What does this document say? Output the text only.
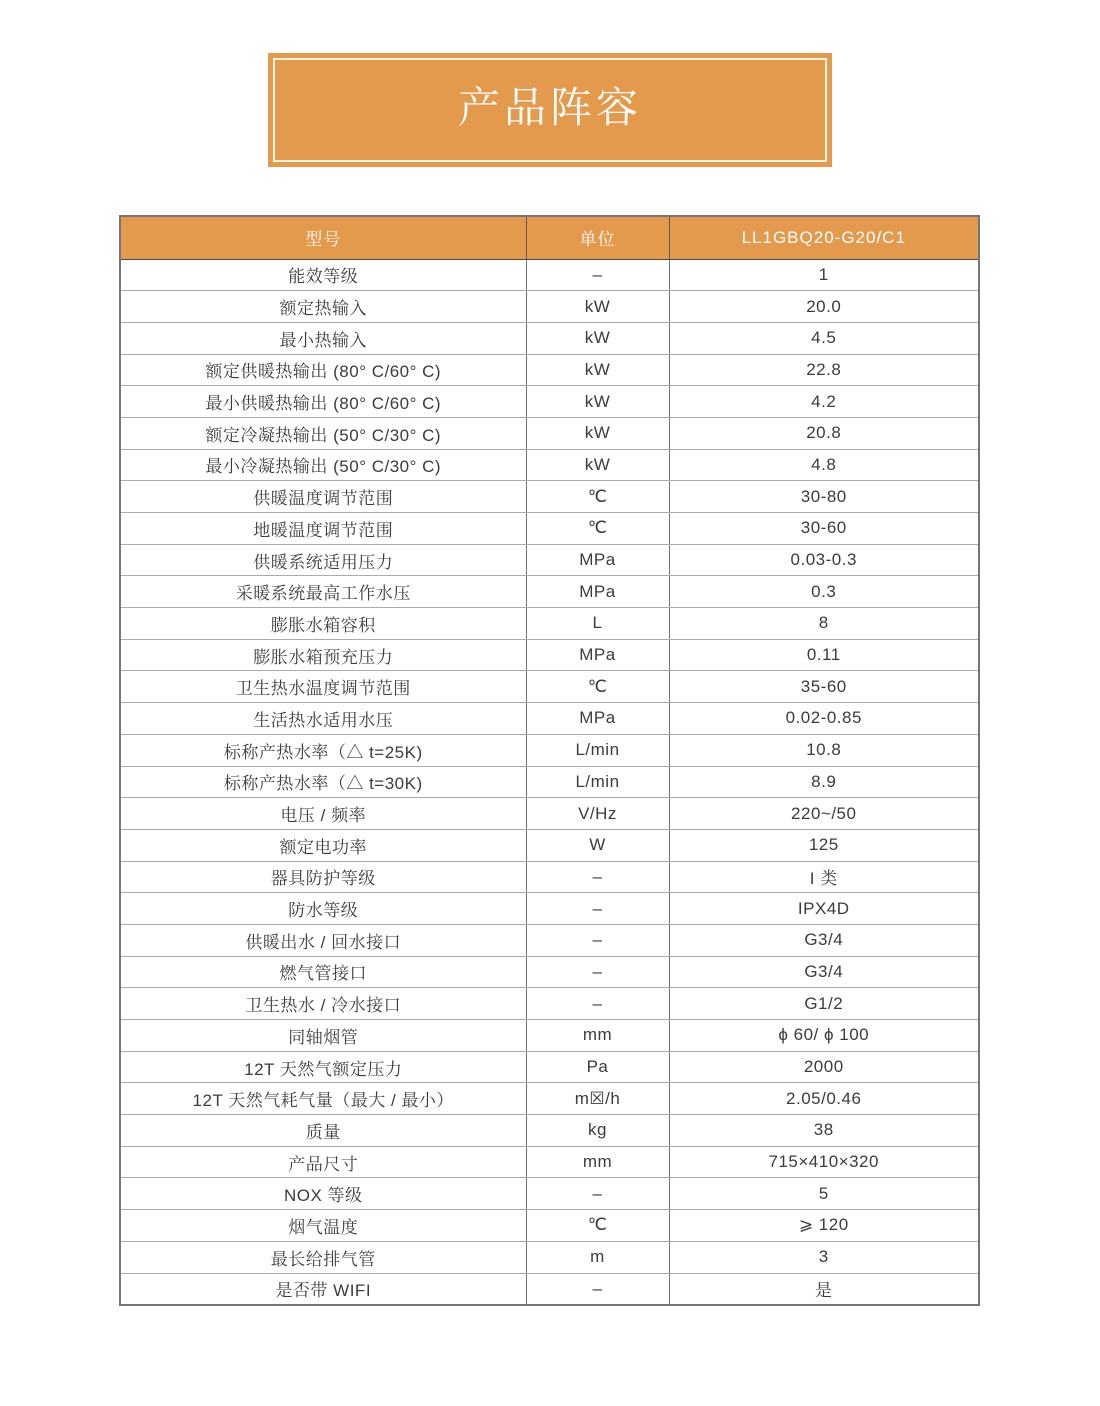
产品阵容
型号	单位	LL1GBQ20-G20/C1
能效等级	–	1
额定热输入	kW	20.0
最小热输入	kW	4.5
额定供暖热输出 (80° C/60° C)	kW	22.8
最小供暖热输出 (80° C/60° C)	kW	4.2
额定冷凝热输出 (50° C/30° C)	kW	20.8
最小冷凝热输出 (50° C/30° C)	kW	4.8
供暖温度调节范围	℃	30-80
地暖温度调节范围	℃	30-60
供暖系统适用压力	MPa	0.03-0.3
采暖系统最高工作水压	MPa	0.3
膨胀水箱容积	L	8
膨胀水箱预充压力	MPa	0.11
卫生热水温度调节范围	℃	35-60
生活热水适用水压	MPa	0.02-0.85
标称产热水率（△ t=25K)	L/min	10.8
标称产热水率（△ t=30K)	L/min	8.9
电压 / 频率	V/Hz	220~/50
额定电功率	W	125
器具防护等级	–	I 类
防水等级	–	IPX4D
供暖出水 / 回水接口	–	G3/4
燃气管接口	–	G3/4
卫生热水 / 冷水接口	–	G1/2
同轴烟管	mm	ϕ 60/ ϕ 100
12T 天然气额定压力	Pa	2000
12T 天然气耗气量（最大 / 最小）	m☒/h	2.05/0.46
质量	kg	38
产品尺寸	mm	715×410×320
NOX 等级	–	5
烟气温度	℃	⩾ 120
最长给排气管	m	3
是否带 WIFI	–	是
